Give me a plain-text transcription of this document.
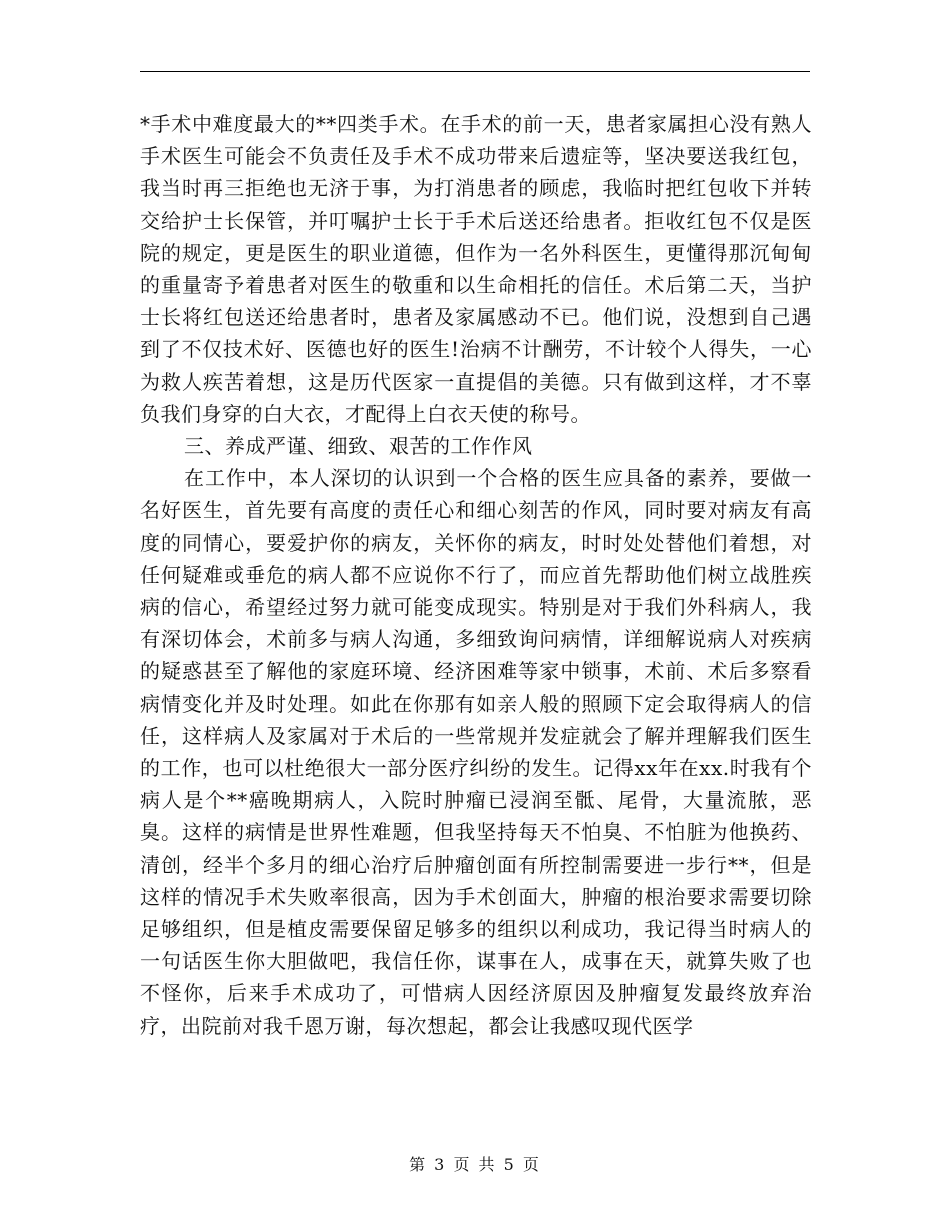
*手术中难度最大的**四类手术。在手术的前一天，患者家属担心没有熟人手术医生可能会不负责任及手术不成功带来后遗症等，坚决要送我红包，我当时再三拒绝也无济于事，为打消患者的顾虑，我临时把红包收下并转交给护士长保管，并叮嘱护士长于手术后送还给患者。拒收红包不仅是医院的规定，更是医生的职业道德，但作为一名外科医生，更懂得那沉甸甸的重量寄予着患者对医生的敬重和以生命相托的信任。术后第二天，当护士长将红包送还给患者时，患者及家属感动不已。他们说，没想到自己遇到了不仅技术好、医德也好的医生!治病不计酬劳，不计较个人得失，一心为救人疾苦着想，这是历代医家一直提倡的美德。只有做到这样，才不辜负我们身穿的白大衣，才配得上白衣天使的称号。

三、养成严谨、细致、艰苦的工作作风

在工作中，本人深切的认识到一个合格的医生应具备的素养，要做一名好医生，首先要有高度的责任心和细心刻苦的作风，同时要对病友有高度的同情心，要爱护你的病友，关怀你的病友，时时处处替他们着想，对任何疑难或垂危的病人都不应说你不行了，而应首先帮助他们树立战胜疾病的信心，希望经过努力就可能变成现实。特别是对于我们外科病人，我有深切体会，术前多与病人沟通，多细致询问病情，详细解说病人对疾病的疑惑甚至了解他的家庭环境、经济困难等家中锁事，术前、术后多察看病情变化并及时处理。如此在你那有如亲人般的照顾下定会取得病人的信任，这样病人及家属对于术后的一些常规并发症就会了解并理解我们医生的工作，也可以杜绝很大一部分医疗纠纷的发生。记得xx年在xx.时我有个病人是个**癌晚期病人，入院时肿瘤已浸润至骶、尾骨，大量流脓，恶臭。这样的病情是世界性难题，但我坚持每天不怕臭、不怕脏为他换药、清创，经半个多月的细心治疗后肿瘤创面有所控制需要进一步行**，但是这样的情况手术失败率很高，因为手术创面大，肿瘤的根治要求需要切除足够组织，但是植皮需要保留足够多的组织以利成功，我记得当时病人的一句话医生你大胆做吧，我信任你，谋事在人，成事在天，就算失败了也不怪你，后来手术成功了，可惜病人因经济原因及肿瘤复发最终放弃治疗，出院前对我千恩万谢，每次想起，都会让我感叹现代医学

第 3 页 共 5 页
